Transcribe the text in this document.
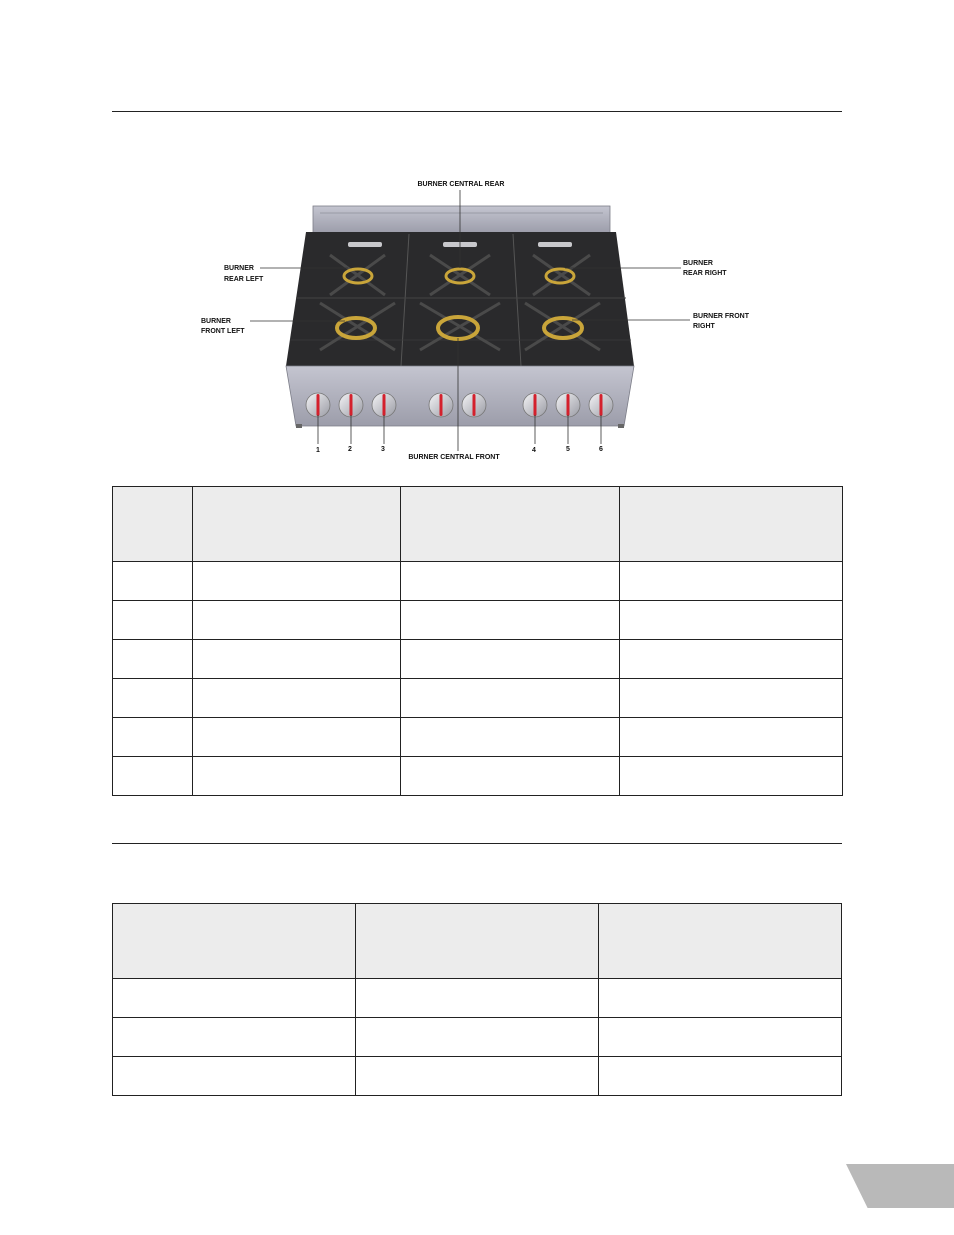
BURNER CENTRAL REAR
BURNER
REAR LEFT
BURNER
FRONT LEFT
BURNER
REAR RIGHT
BURNER FRONT
RIGHT
BURNER CENTRAL FRONT
1	2	3	4	5	6
